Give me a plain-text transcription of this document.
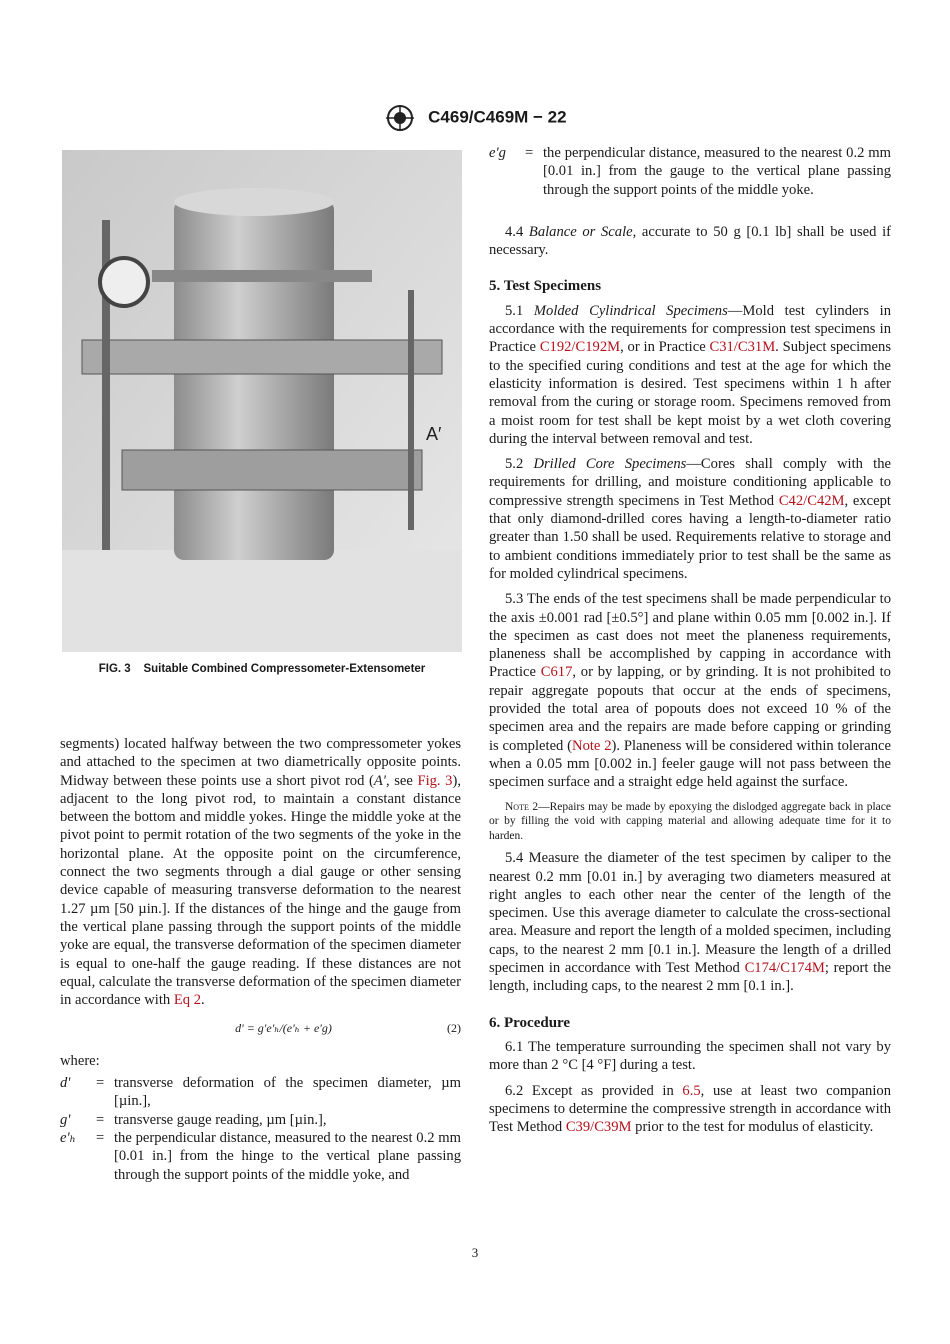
C469/C469M − 22
A′
FIG. 3 Suitable Combined Compressometer-Extensometer

segments) located halfway between the two compressometer yokes and attached to the specimen at two diametrically opposite points. Midway between these points use a short pivot rod (A', see Fig. 3), adjacent to the long pivot rod, to maintain a constant distance between the bottom and middle yokes. Hinge the middle yoke at the pivot point to permit rotation of the two segments of the yoke in the horizontal plane. At the opposite point on the circumference, connect the two segments through a dial gauge or other sensing device capable of measuring transverse deformation to the nearest 1.27 µm [50 µin.]. If the distances of the hinge and the gauge from the vertical plane passing through the support points of the middle yoke are equal, the transverse deformation of the specimen diameter is equal to one-half the gauge reading. If these distances are not equal, calculate the transverse deformation of the specimen diameter in accordance with Eq 2.

d' = g'e'ₕ/(e'ₕ + e'g)	(2)

where:

d'	= transverse deformation of the specimen diameter, µm [µin.],
g'	= transverse gauge reading, µm [µin.],
e'ₕ	= the perpendicular distance, measured to the nearest 0.2 mm [0.01 in.] from the hinge to the vertical plane passing through the support points of the middle yoke, and
e'g	= the perpendicular distance, measured to the nearest 0.2 mm [0.01 in.] from the gauge to the vertical plane passing through the support points of the middle yoke.

4.4 Balance or Scale, accurate to 50 g [0.1 lb] shall be used if necessary.

5. Test Specimens

5.1 Molded Cylindrical Specimens—Mold test cylinders in accordance with the requirements for compression test specimens in Practice C192/C192M, or in Practice C31/C31M. Subject specimens to the specified curing conditions and test at the age for which the elasticity information is desired. Test specimens within 1 h after removal from the curing or storage room. Specimens removed from a moist room for test shall be kept moist by a wet cloth covering during the interval between removal and test.

5.2 Drilled Core Specimens—Cores shall comply with the requirements for drilling, and moisture conditioning applicable to compressive strength specimens in Test Method C42/C42M, except that only diamond-drilled cores having a length-to-diameter ratio greater than 1.50 shall be used. Requirements relative to storage and to ambient conditions immediately prior to test shall be the same as for molded cylindrical specimens.

5.3 The ends of the test specimens shall be made perpendicular to the axis ±0.001 rad [±0.5°] and plane within 0.05 mm [0.002 in.]. If the specimen as cast does not meet the planeness requirements, planeness shall be accomplished by capping in accordance with Practice C617, or by lapping, or by grinding. It is not prohibited to repair aggregate popouts that occur at the ends of specimens, provided the total area of popouts does not exceed 10 % of the specimen area and the repairs are made before capping or grinding is completed (Note 2). Planeness will be considered within tolerance when a 0.05 mm [0.002 in.] feeler gauge will not pass between the specimen surface and a straight edge held against the surface.

Note 2—Repairs may be made by epoxying the dislodged aggregate back in place or by filling the void with capping material and allowing adequate time for it to harden.

5.4 Measure the diameter of the test specimen by caliper to the nearest 0.2 mm [0.01 in.] by averaging two diameters measured at right angles to each other near the center of the length of the specimen. Use this average diameter to calculate the cross-sectional area. Measure and report the length of a molded specimen, including caps, to the nearest 2 mm [0.1 in.]. Measure the length of a drilled specimen in accordance with Test Method C174/C174M; report the length, including caps, to the nearest 2 mm [0.1 in.].

6. Procedure

6.1 The temperature surrounding the specimen shall not vary by more than 2 °C [4 °F] during a test.

6.2 Except as provided in 6.5, use at least two companion specimens to determine the compressive strength in accordance with Test Method C39/C39M prior to the test for modulus of elasticity.

3
